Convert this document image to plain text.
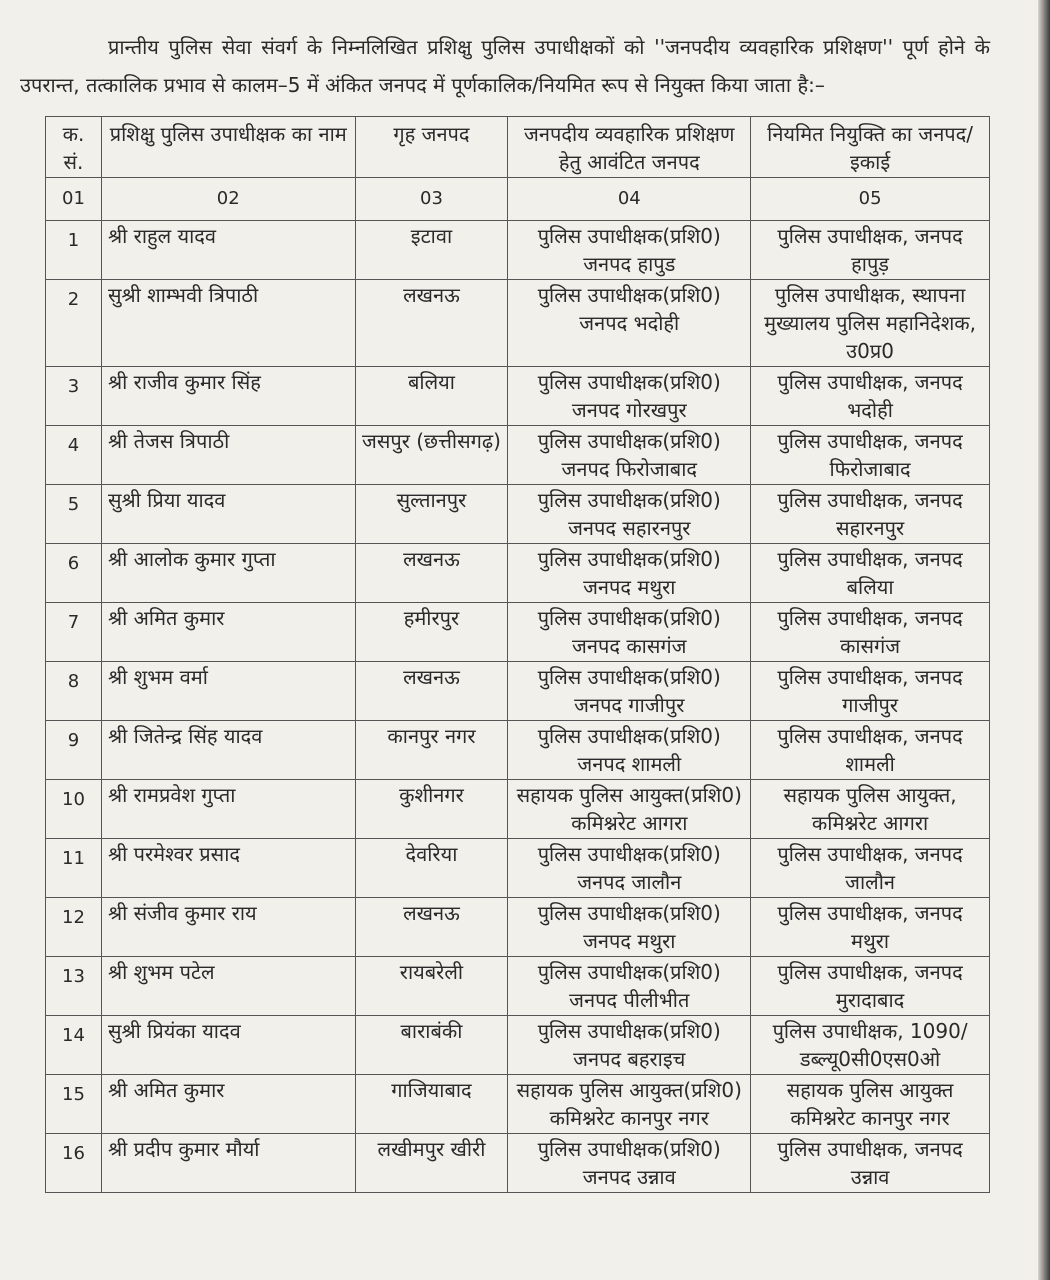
प्रान्तीय पुलिस सेवा संवर्ग के निम्नलिखित प्रशिक्षु पुलिस उपाधीक्षकों को ''जनपदीय व्यवहारिक प्रशिक्षण'' पूर्ण होने के उपरान्त, तत्कालिक प्रभाव से कालम–5 में अंकित जनपद में पूर्णकालिक/नियमित रूप से नियुक्त किया जाता है:–

क. सं.	प्रशिक्षु पुलिस उपाधीक्षक का नाम	गृह जनपद	जनपदीय व्यवहारिक प्रशिक्षण हेतु आवंटित जनपद	नियमित नियुक्ति का जनपद/इकाई
01	02	03	04	05
1	श्री राहुल यादव	इटावा	पुलिस उपाधीक्षक(प्रशि0) जनपद हापुड	पुलिस उपाधीक्षक, जनपद हापुड़
2	सुश्री शाम्भवी त्रिपाठी	लखनऊ	पुलिस उपाधीक्षक(प्रशि0) जनपद भदोही	पुलिस उपाधीक्षक, स्थापना मुख्यालय पुलिस महानिदेशक, उ0प्र0
3	श्री राजीव कुमार सिंह	बलिया	पुलिस उपाधीक्षक(प्रशि0) जनपद गोरखपुर	पुलिस उपाधीक्षक, जनपद भदोही
4	श्री तेजस त्रिपाठी	जसपुर (छत्तीसगढ़)	पुलिस उपाधीक्षक(प्रशि0) जनपद फिरोजाबाद	पुलिस उपाधीक्षक, जनपद फिरोजाबाद
5	सुश्री प्रिया यादव	सुल्तानपुर	पुलिस उपाधीक्षक(प्रशि0) जनपद सहारनपुर	पुलिस उपाधीक्षक, जनपद सहारनपुर
6	श्री आलोक कुमार गुप्ता	लखनऊ	पुलिस उपाधीक्षक(प्रशि0) जनपद मथुरा	पुलिस उपाधीक्षक, जनपद बलिया
7	श्री अमित कुमार	हमीरपुर	पुलिस उपाधीक्षक(प्रशि0) जनपद कासगंज	पुलिस उपाधीक्षक, जनपद कासगंज
8	श्री शुभम वर्मा	लखनऊ	पुलिस उपाधीक्षक(प्रशि0) जनपद गाजीपुर	पुलिस उपाधीक्षक, जनपद गाजीपुर
9	श्री जितेन्द्र सिंह यादव	कानपुर नगर	पुलिस उपाधीक्षक(प्रशि0) जनपद शामली	पुलिस उपाधीक्षक, जनपद शामली
10	श्री रामप्रवेश गुप्ता	कुशीनगर	सहायक पुलिस आयुक्त(प्रशि0) कमिश्नरेट आगरा	सहायक पुलिस आयुक्त, कमिश्नरेट आगरा
11	श्री परमेश्वर प्रसाद	देवरिया	पुलिस उपाधीक्षक(प्रशि0) जनपद जालौन	पुलिस उपाधीक्षक, जनपद जालौन
12	श्री संजीव कुमार राय	लखनऊ	पुलिस उपाधीक्षक(प्रशि0) जनपद मथुरा	पुलिस उपाधीक्षक, जनपद मथुरा
13	श्री शुभम पटेल	रायबरेली	पुलिस उपाधीक्षक(प्रशि0) जनपद पीलीभीत	पुलिस उपाधीक्षक, जनपद मुरादाबाद
14	सुश्री प्रियंका यादव	बाराबंकी	पुलिस उपाधीक्षक(प्रशि0) जनपद बहराइच	पुलिस उपाधीक्षक, 1090/डब्ल्यू0सी0एस0ओ
15	श्री अमित कुमार	गाजियाबाद	सहायक पुलिस आयुक्त(प्रशि0) कमिश्नरेट कानपुर नगर	सहायक पुलिस आयुक्त कमिश्नरेट कानपुर नगर
16	श्री प्रदीप कुमार मौर्या	लखीमपुर खीरी	पुलिस उपाधीक्षक(प्रशि0) जनपद उन्नाव	पुलिस उपाधीक्षक, जनपद उन्नाव
